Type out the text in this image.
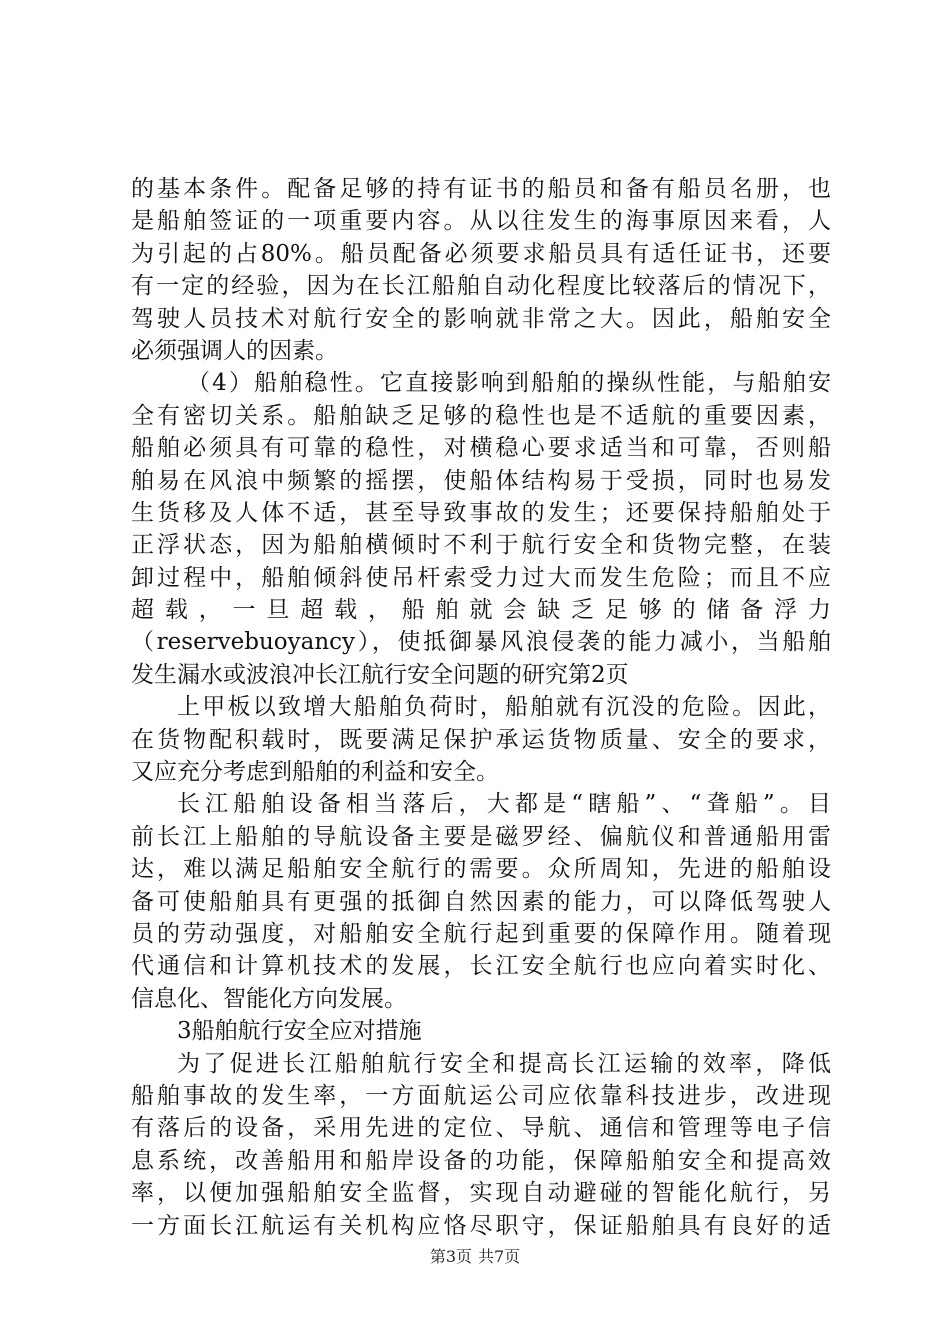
的基本条件。配备足够的持有证书的船员和备有船员名册，也
是船舶签证的一项重要内容。从以往发生的海事原因来看，人
为引起的占80%。船员配备必须要求船员具有适任证书，还要
有一定的经验，因为在长江船舶自动化程度比较落后的情况下，
驾驶人员技术对航行安全的影响就非常之大。因此，船舶安全
必须强调人的因素。
（4）船舶稳性。它直接影响到船舶的操纵性能，与船舶安
全有密切关系。船舶缺乏足够的稳性也是不适航的重要因素，
船舶必须具有可靠的稳性，对横稳心要求适当和可靠，否则船
舶易在风浪中频繁的摇摆，使船体结构易于受损，同时也易发
生货移及人体不适，甚至导致事故的发生；还要保持船舶处于
正浮状态，因为船舶横倾时不利于航行安全和货物完整，在装
卸过程中，船舶倾斜使吊杆索受力过大而发生危险；而且不应
超载，一旦超载，船舶就会缺乏足够的储备浮力
（reservebuoyancy），使抵御暴风浪侵袭的能力减小，当船舶
发生漏水或波浪冲长江航行安全问题的研究第2页
上甲板以致增大船舶负荷时，船舶就有沉没的危险。因此，
在货物配积载时，既要满足保护承运货物质量、安全的要求，
又应充分考虑到船舶的利益和安全。
长江船舶设备相当落后，大都是“瞎船”、“聋船”。目
前长江上船舶的导航设备主要是磁罗经、偏航仪和普通船用雷
达，难以满足船舶安全航行的需要。众所周知，先进的船舶设
备可使船舶具有更强的抵御自然因素的能力，可以降低驾驶人
员的劳动强度，对船舶安全航行起到重要的保障作用。随着现
代通信和计算机技术的发展，长江安全航行也应向着实时化、
信息化、智能化方向发展。
3船舶航行安全应对措施
为了促进长江船舶航行安全和提高长江运输的效率，降低
船舶事故的发生率，一方面航运公司应依靠科技进步，改进现
有落后的设备，采用先进的定位、导航、通信和管理等电子信
息系统，改善船用和船岸设备的功能，保障船舶安全和提高效
率，以便加强船舶安全监督，实现自动避碰的智能化航行，另
一方面长江航运有关机构应恪尽职守，保证船舶具有良好的适
第3页 共7页
